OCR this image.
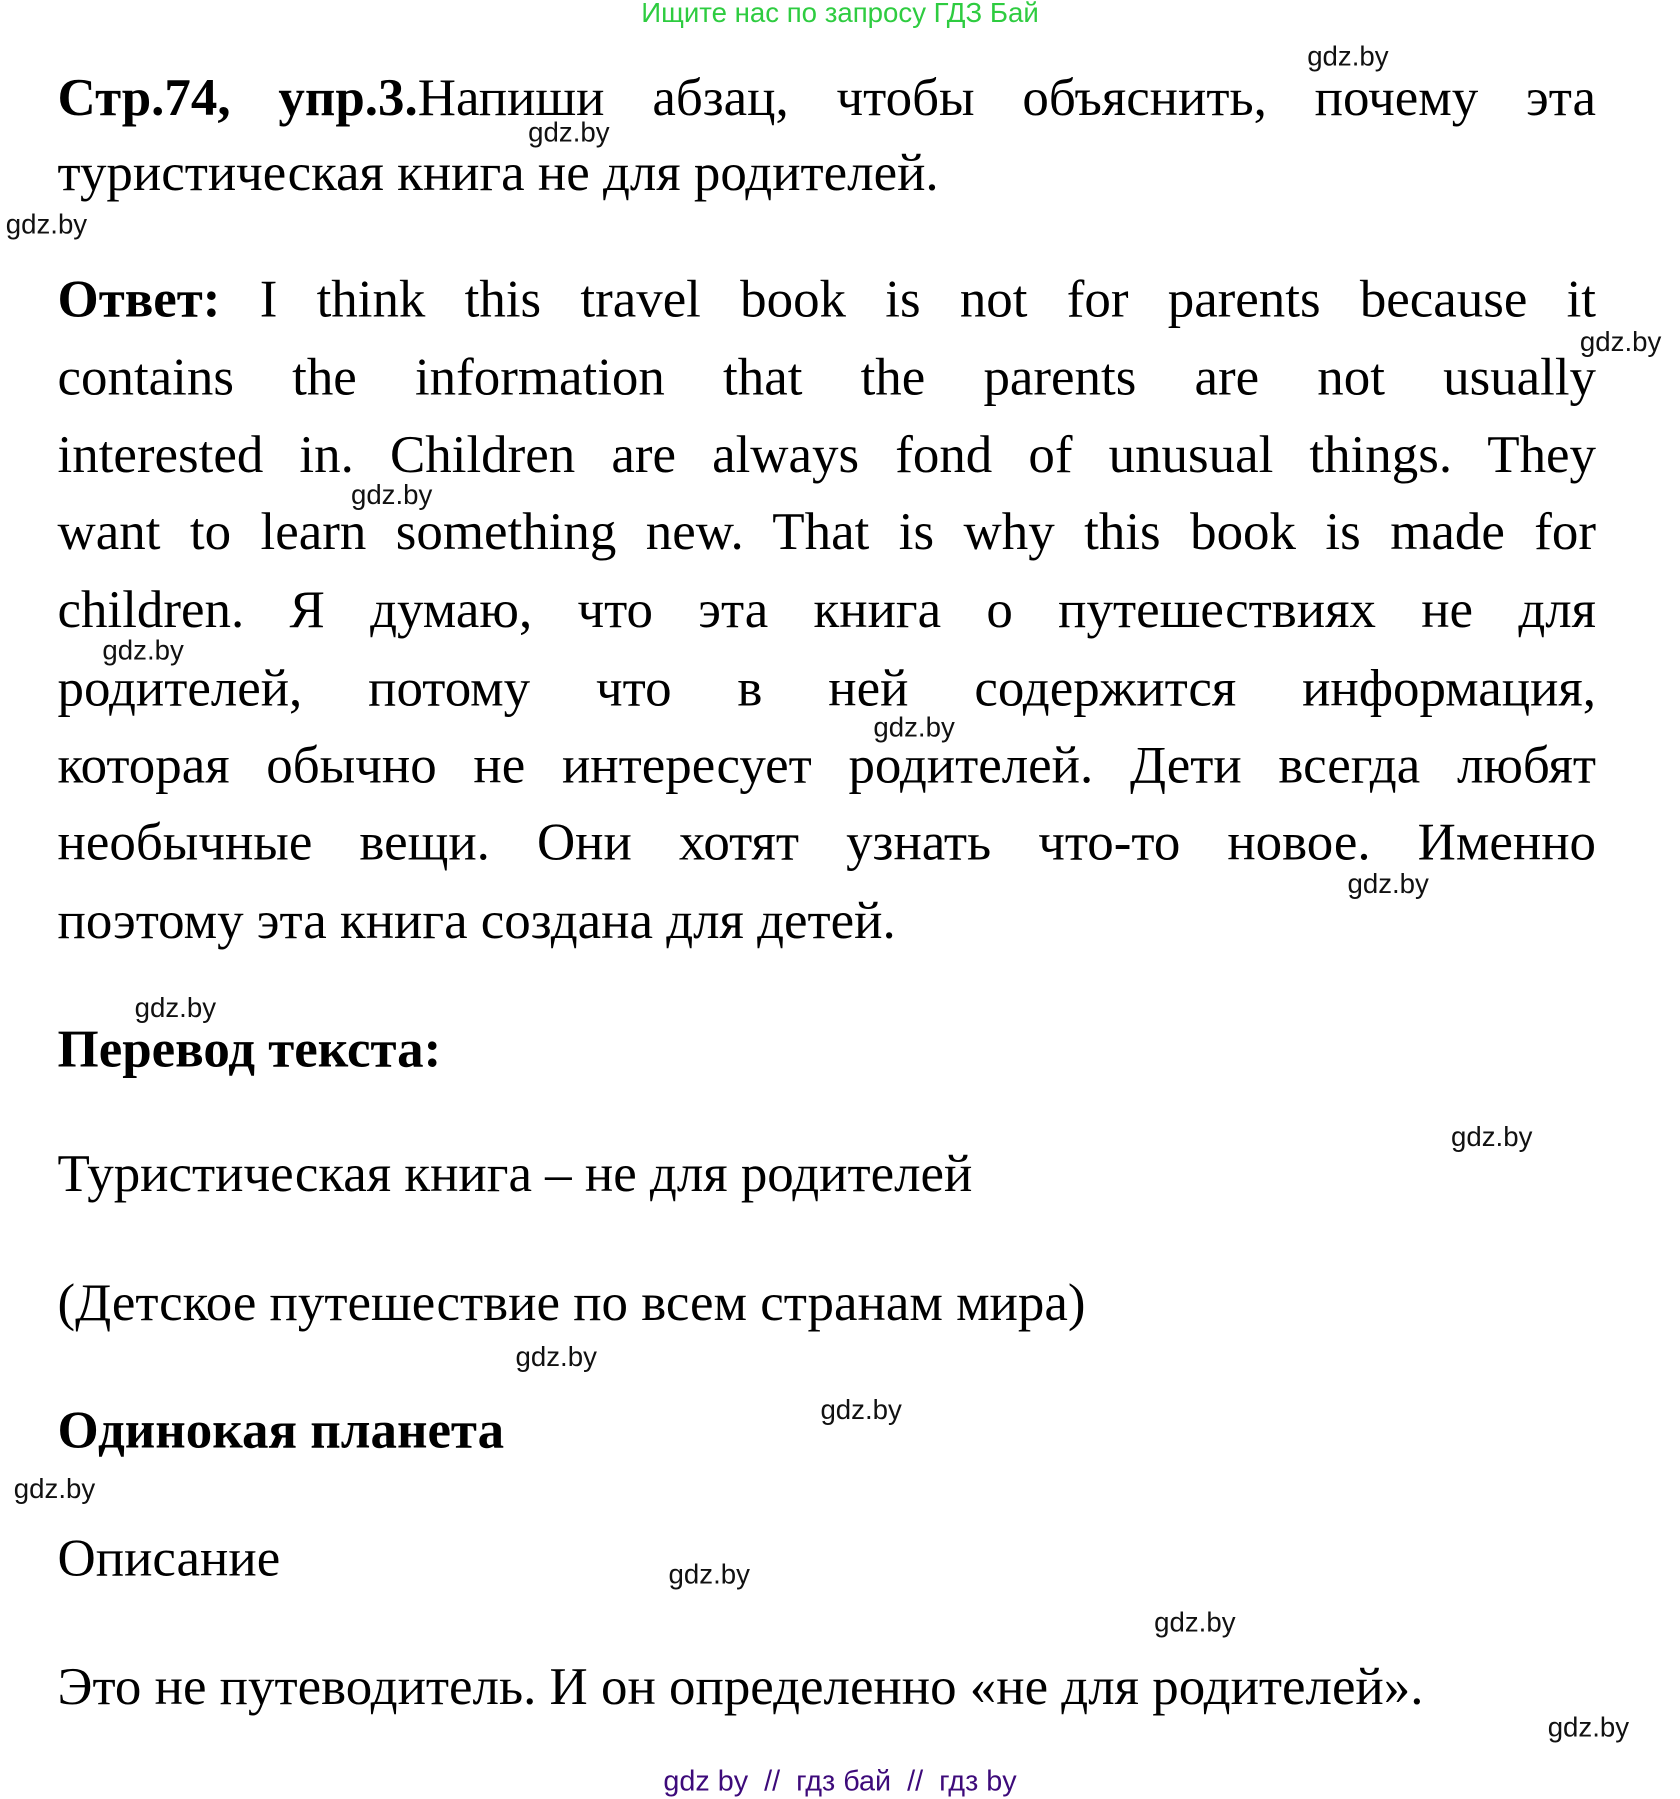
Ищите нас по запросу ГДЗ Бай
Стр.74, упр.3.Напиши абзац, чтобы объяснить, почему эта
туристическая книга не для родителей.
Ответ: I think this travel book is not for parents because it
contains the information that the parents are not usually
interested in. Children are always fond of unusual things. They
want to learn something new. That is why this book is made for
children. Я думаю, что эта книга о путешествиях не для
родителей, потому что в ней содержится информация,
которая обычно не интересует родителей. Дети всегда любят
необычные вещи. Они хотят узнать что-то новое. Именно
поэтому эта книга создана для детей.
Перевод текста:
Туристическая книга – не для родителей
(Детское путешествие по всем странам мира)
Одинокая планета
Описание
Это не путеводитель. И он определенно «не для родителей».
gdz.by
gdz.by
gdz.by
gdz.by
gdz.by
gdz.by
gdz.by
gdz.by
gdz.by
gdz.by
gdz.by
gdz.by
gdz.by
gdz.by
gdz.by
gdz.by
gdz by  //  гдз бай  //  гдз by
